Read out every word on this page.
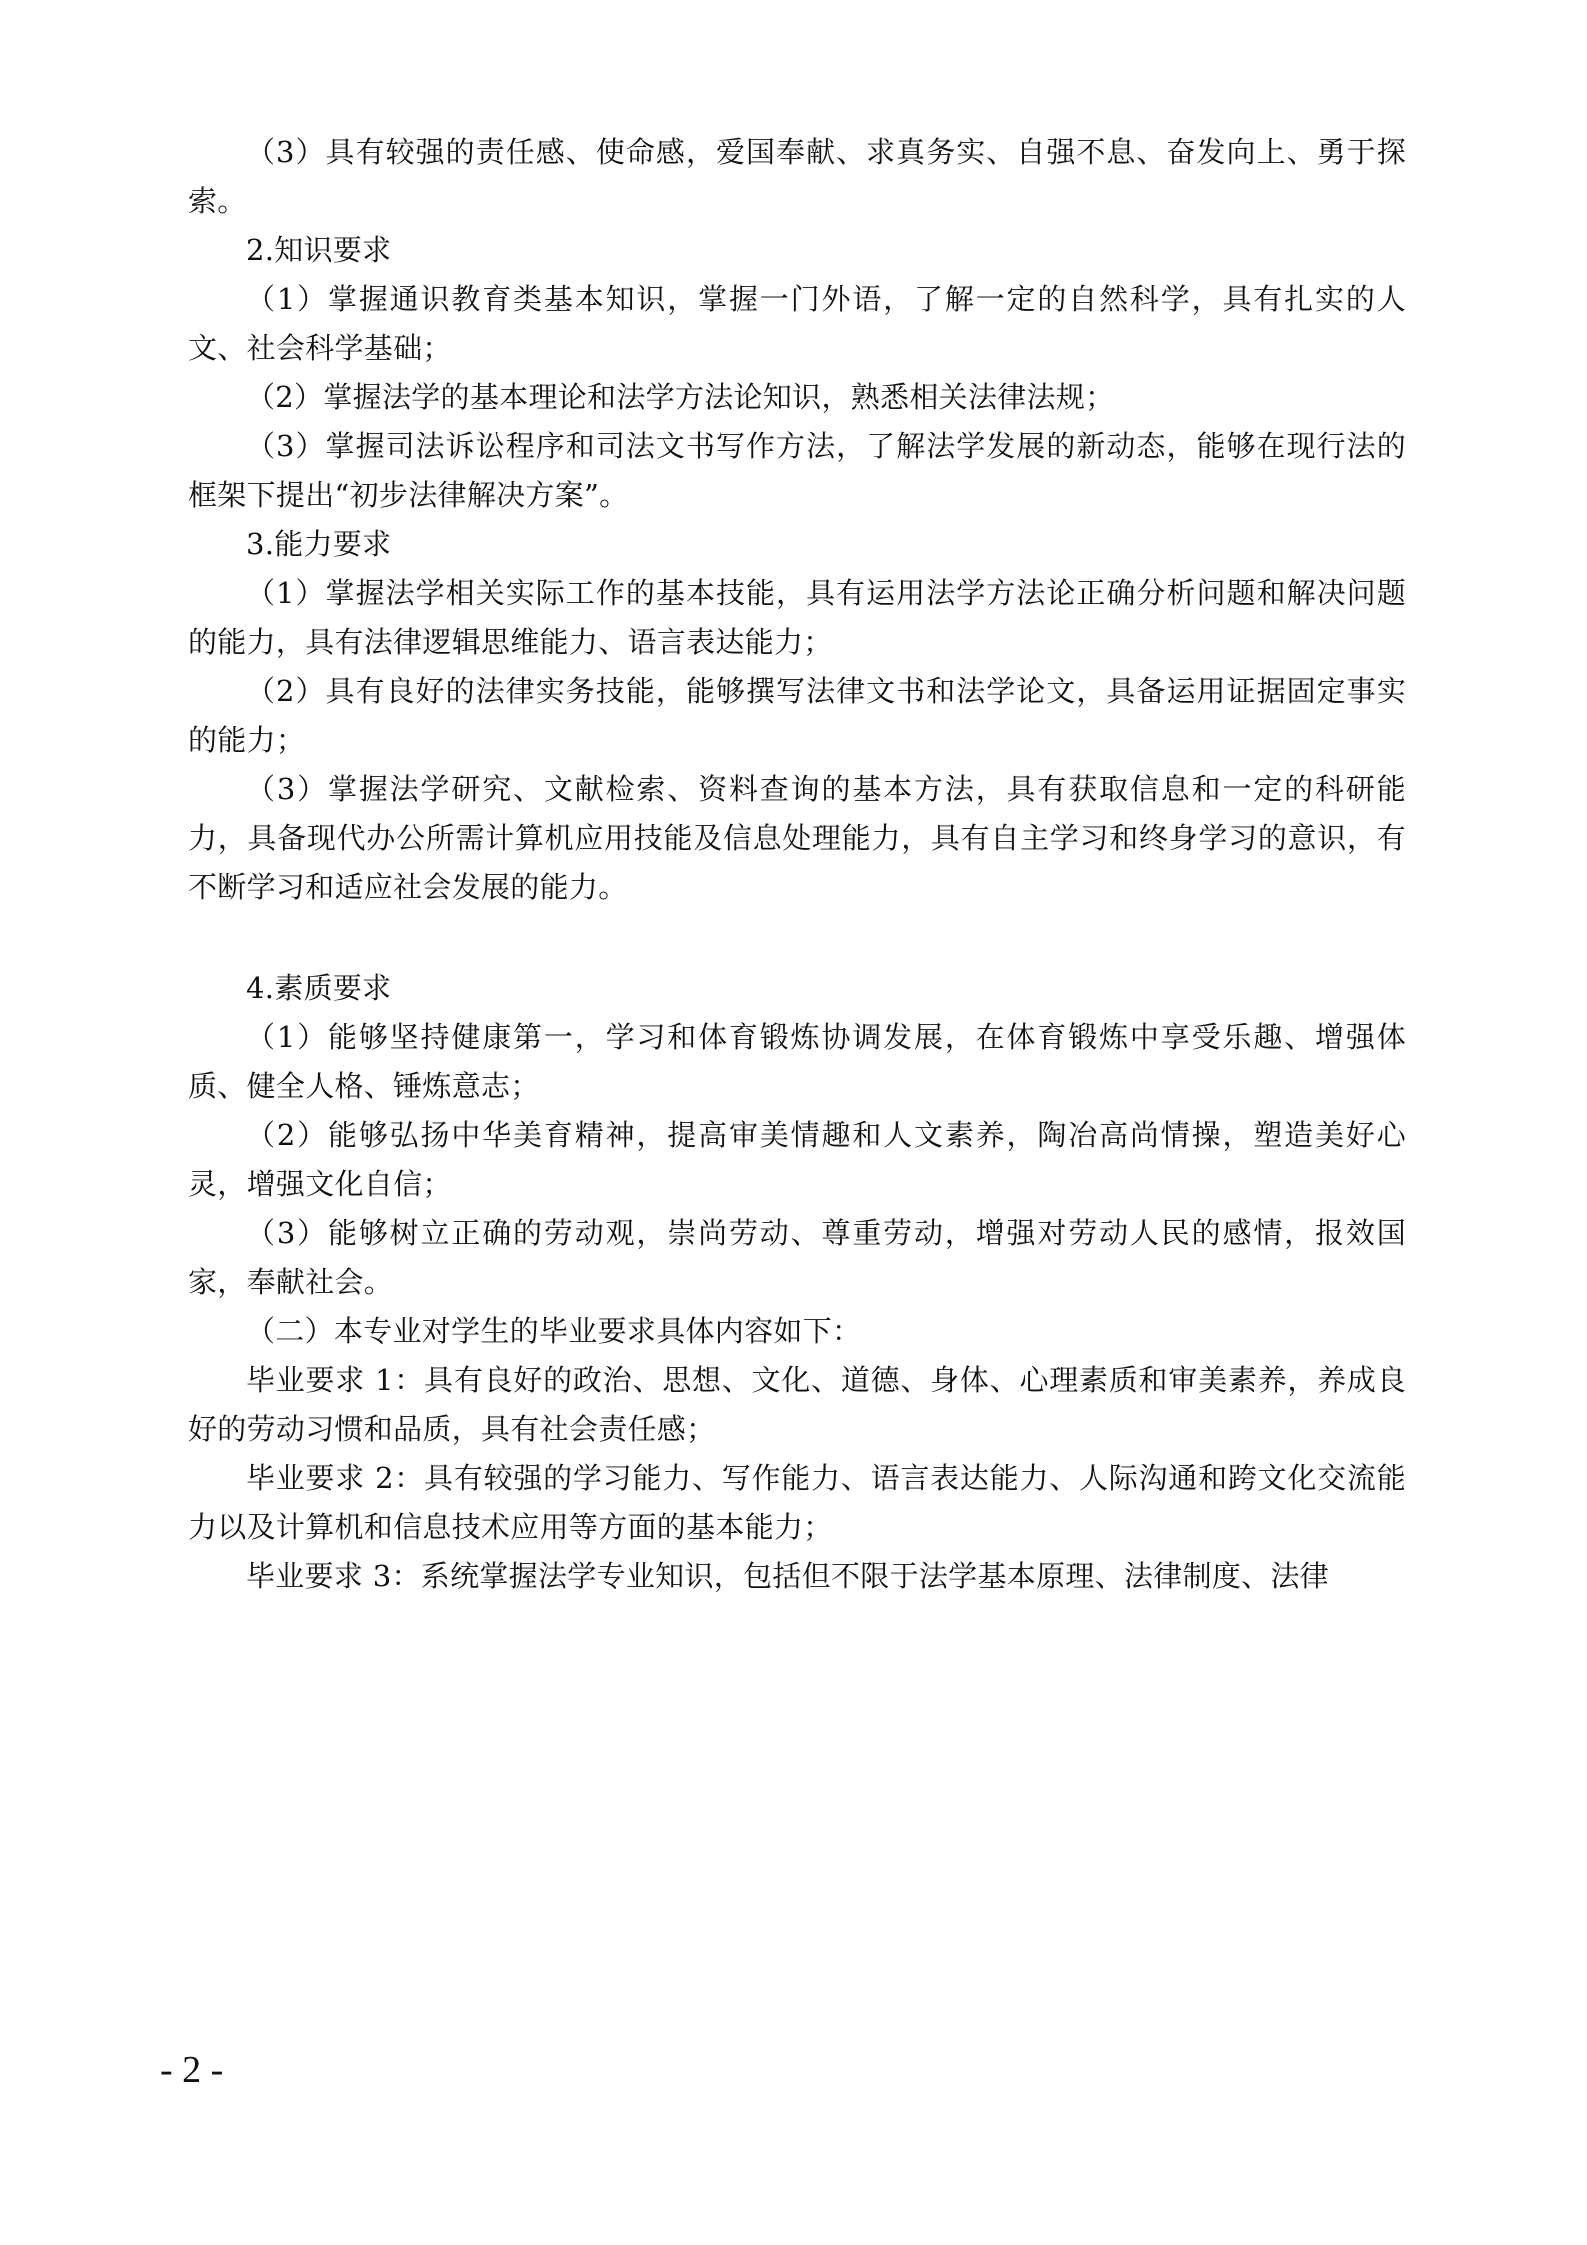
（3）具有较强的责任感、使命感，爱国奉献、求真务实、自强不息、奋发向上、勇于探索。

2.知识要求

（1）掌握通识教育类基本知识，掌握一门外语，了解一定的自然科学，具有扎实的人文、社会科学基础；

（2）掌握法学的基本理论和法学方法论知识，熟悉相关法律法规；

（3）掌握司法诉讼程序和司法文书写作方法，了解法学发展的新动态，能够在现行法的框架下提出“初步法律解决方案”。

3.能力要求

（1）掌握法学相关实际工作的基本技能，具有运用法学方法论正确分析问题和解决问题的能力，具有法律逻辑思维能力、语言表达能力；

（2）具有良好的法律实务技能，能够撰写法律文书和法学论文，具备运用证据固定事实的能力；

（3）掌握法学研究、文献检索、资料查询的基本方法，具有获取信息和一定的科研能力，具备现代办公所需计算机应用技能及信息处理能力，具有自主学习和终身学习的意识，有不断学习和适应社会发展的能力。

4.素质要求

（1）能够坚持健康第一，学习和体育锻炼协调发展，在体育锻炼中享受乐趣、增强体质、健全人格、锤炼意志；

（2）能够弘扬中华美育精神，提高审美情趣和人文素养，陶冶高尚情操，塑造美好心灵，增强文化自信；

（3）能够树立正确的劳动观，崇尚劳动、尊重劳动，增强对劳动人民的感情，报效国家，奉献社会。

（二）本专业对学生的毕业要求具体内容如下：

毕业要求 1：具有良好的政治、思想、文化、道德、身体、心理素质和审美素养，养成良好的劳动习惯和品质，具有社会责任感；

毕业要求 2：具有较强的学习能力、写作能力、语言表达能力、人际沟通和跨文化交流能力以及计算机和信息技术应用等方面的基本能力；

毕业要求 3：系统掌握法学专业知识，包括但不限于法学基本原理、法律制度、法律

- 2 -
